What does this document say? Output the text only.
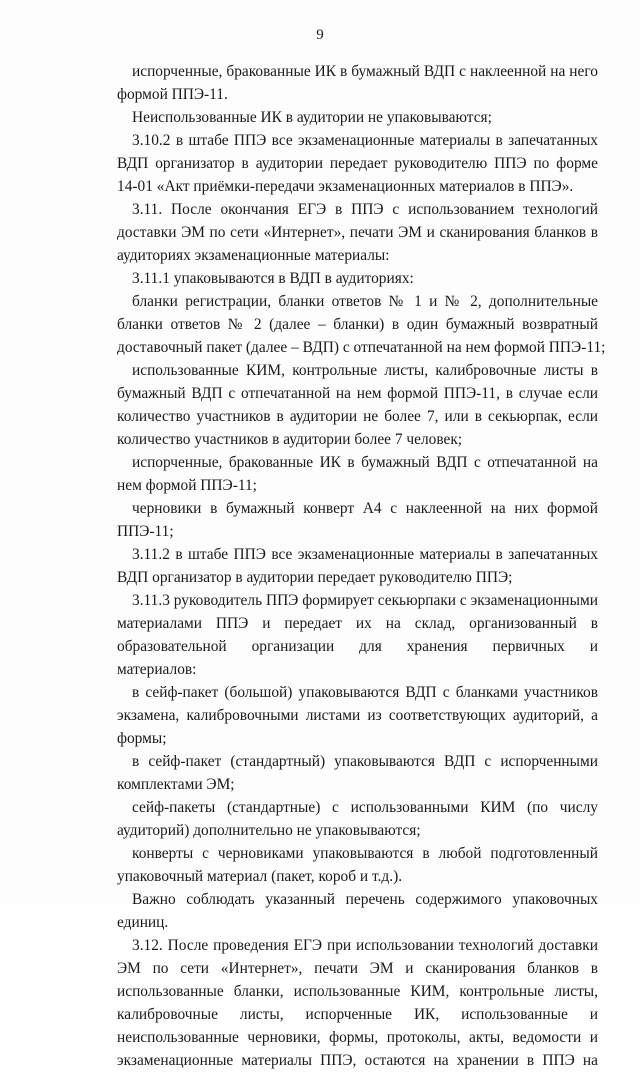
9
испорченные, бракованные ИК в бумажный ВДП с наклеенной на него
формой ППЭ-11.
Неиспользованные ИК в аудитории не упаковываются;
3.10.2 в штабе ППЭ все экзаменационные материалы в запечатанных
ВДП организатор в аудитории передает руководителю ППЭ по форме
14-01 «Акт приёмки-передачи экзаменационных материалов в ППЭ».
3.11. После окончания ЕГЭ в ППЭ с использованием технологий
доставки ЭМ по сети «Интернет», печати ЭМ и сканирования бланков в
аудиториях экзаменационные материалы:
3.11.1 упаковываются в ВДП в аудиториях:
бланки регистрации, бланки ответов № 1 и № 2, дополнительные
бланки ответов № 2 (далее – бланки) в один бумажный возвратный
доставочный пакет (далее – ВДП) с отпечатанной на нем формой ППЭ-11;
использованные КИМ, контрольные листы, калибровочные листы в
бумажный ВДП с отпечатанной на нем формой ППЭ-11, в случае если
количество участников в аудитории не более 7, или в секьюрпак, если
количество участников в аудитории более 7 человек;
испорченные, бракованные ИК в бумажный ВДП с отпечатанной на
нем формой ППЭ-11;
черновики в бумажный конверт А4 с наклеенной на них формой
ППЭ-11;
3.11.2 в штабе ППЭ все экзаменационные материалы в запечатанных
ВДП организатор в аудитории передает руководителю ППЭ;
3.11.3 руководитель ППЭ формирует секьюрпаки с экзаменационными
материалами ППЭ и передает их на склад, организованный в
образовательной организации для хранения первичных и
материалов:
в сейф-пакет (большой) упаковываются ВДП с бланками участников
экзамена, калибровочными листами из соответствующих аудиторий, а
формы;
в сейф-пакет (стандартный) упаковываются ВДП с испорченными
комплектами ЭМ;
сейф-пакеты (стандартные) с использованными КИМ (по числу
аудиторий) дополнительно не упаковываются;
конверты с черновиками упаковываются в любой подготовленный
упаковочный материал (пакет, короб и т.д.).
Важно соблюдать указанный перечень содержимого упаковочных
единиц.
3.12. После проведения ЕГЭ при использовании технологий доставки
ЭМ по сети «Интернет», печати ЭМ и сканирования бланков в
использованные бланки, использованные КИМ, контрольные листы,
калибровочные листы, испорченные ИК, использованные и
неиспользованные черновики, формы, протоколы, акты, ведомости и
экзаменационные материалы ППЭ, остаются на хранении в ППЭ на
